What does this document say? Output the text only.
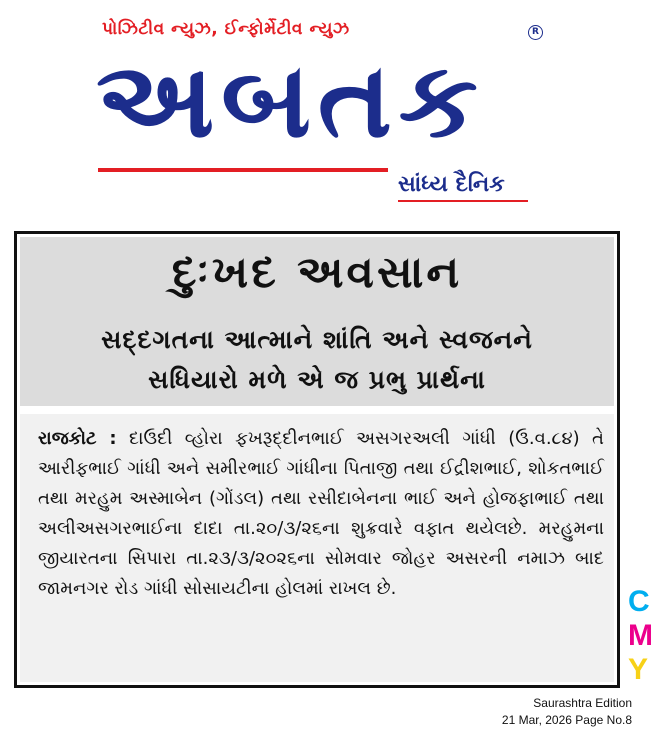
પોઝિટીવ ન્યુઝ, ઈન્ફોર્મેટીવ ન્યુઝ	R
અબતક
સાંધ્ય દૈનિક
દુઃખદ અવસાન
સદ્દગતના આત્માને શાંતિ અને સ્વજનને
સધિયારો મળે એ જ પ્રભુ પ્રાર્થના
રાજકોટ : દાઉદી વ્હોરા ફખરૂદ્દીનભાઈ અસગરઅલી ગાંધી (ઉ.વ.૮૪) તે આરીફભાઈ ગાંધી અને સમીરભાઈ ગાંધીના પિતાજી તથા ઈદ્રીશભાઈ, શોકતભાઈ તથા મરહુમ અસ્માબેન (ગોંડલ) તથા રસીદાબેનના ભાઈ અને હોજફાભાઈ તથા અલીઅસગરભાઈના દાદા તા.૨૦/૩/૨૬ના શુક્રવારે વફાત થયેલછે. મરહુમના જીયારતના સિપારા તા.૨૩/૩/૨૦૨૬ના સોમવાર જોહર અસરની નમાઝ બાદ જામનગર રોડ ગાંધી સોસાયટીના હોલમાં રાખલ છે.	C
M
Y
Saurashtra Edition
21 Mar, 2026 Page No.8
